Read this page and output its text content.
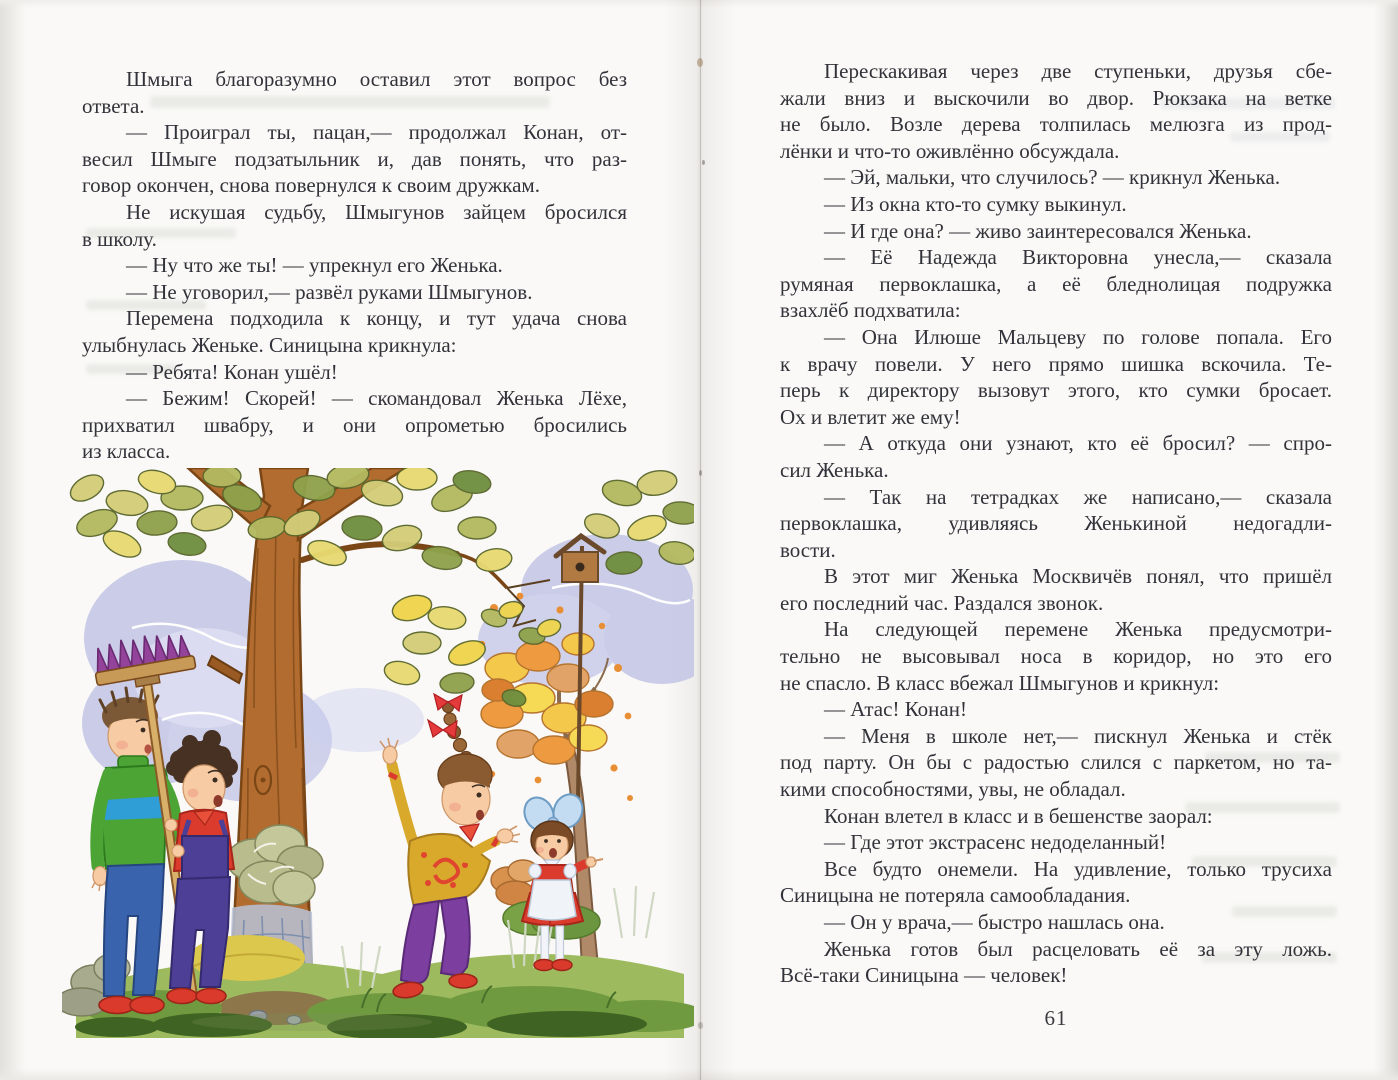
Шмыга благоразумно оставил этот вопрос без
ответа.
— Проиграл ты, пацан,— продолжал Конан, от-
весил Шмыге подзатыльник и, дав понять, что раз-
говор окончен, снова повернулся к своим дружкам.
Не искушая судьбу, Шмыгунов зайцем бросился
в школу.
— Ну что же ты! — упрекнул его Женька.
— Не уговорил,— развёл руками Шмыгунов.
Перемена подходила к концу, и тут удача снова
улыбнулась Женьке. Синицына крикнула:
— Ребята! Конан ушёл!
— Бежим! Скорей! — скомандовал Женька Лёхе,
прихватил швабру, и они опрометью бросились
из класса.
Перескакивая через две ступеньки, друзья сбе-
жали вниз и выскочили во двор. Рюкзака на ветке
не было. Возле дерева толпилась мелюзга из прод-
лёнки и что-то оживлённо обсуждала.
— Эй, мальки, что случилось? — крикнул Женька.
— Из окна кто-то сумку выкинул.
— И где она? — живо заинтересовался Женька.
— Её Надежда Викторовна унесла,— сказала
румяная первоклашка, а её бледнолицая подружка
взахлёб подхватила:
— Она Илюше Мальцеву по голове попала. Его
к врачу повели. У него прямо шишка вскочила. Те-
перь к директору вызовут этого, кто сумки бросает.
Ох и влетит же ему!
— А откуда они узнают, кто её бросил? — спро-
сил Женька.
— Так на тетрадках же написано,— сказала
первоклашка, удивляясь Женькиной недогадли-
вости.
В этот миг Женька Москвичёв понял, что пришёл
его последний час. Раздался звонок.
На следующей перемене Женька предусмотри-
тельно не высовывал носа в коридор, но это его
не спасло. В класс вбежал Шмыгунов и крикнул:
— Атас! Конан!
— Меня в школе нет,— пискнул Женька и стёк
под парту. Он бы с радостью слился с паркетом, но та-
кими способностями, увы, не обладал.
Конан влетел в класс и в бешенстве заорал:
— Где этот экстрасенс недоделанный!
Все будто онемели. На удивление, только трусиха
Синицына не потеряла самообладания.
— Он у врача,— быстро нашлась она.
Женька готов был расцеловать её за эту ложь.
Всё-таки Синицына — человек!
61
